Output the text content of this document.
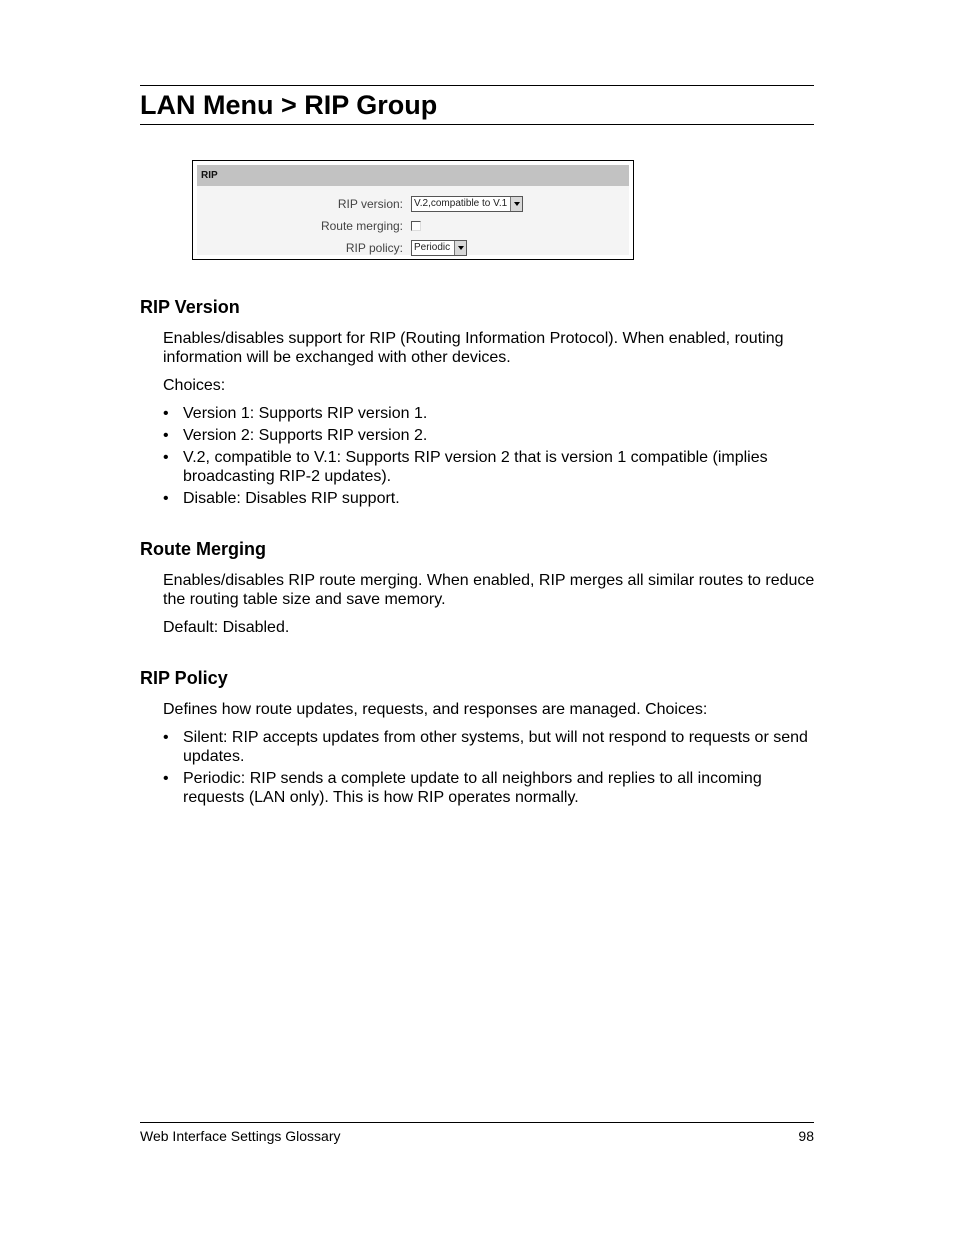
LAN Menu > RIP Group
RIP
RIP version:	V.2,compatible to V.1
Route merging:
RIP policy:	Periodic
RIP Version

Enables/disables support for RIP (Routing Information Protocol). When enabled, routing information will be exchanged with other devices.

Choices:

• Version 1: Supports RIP version 1.
• Version 2: Supports RIP version 2.
• V.2, compatible to V.1: Supports RIP version 2 that is version 1 compatible (implies broadcasting RIP-2 updates).
• Disable: Disables RIP support.
Route Merging

Enables/disables RIP route merging. When enabled, RIP merges all similar routes to reduce the routing table size and save memory.

Default: Disabled.

RIP Policy

Defines how route updates, requests, and responses are managed. Choices:

• Silent: RIP accepts updates from other systems, but will not respond to requests or send updates.
• Periodic: RIP sends a complete update to all neighbors and replies to all incoming requests (LAN only). This is how RIP operates normally.
Web Interface Settings Glossary	98
